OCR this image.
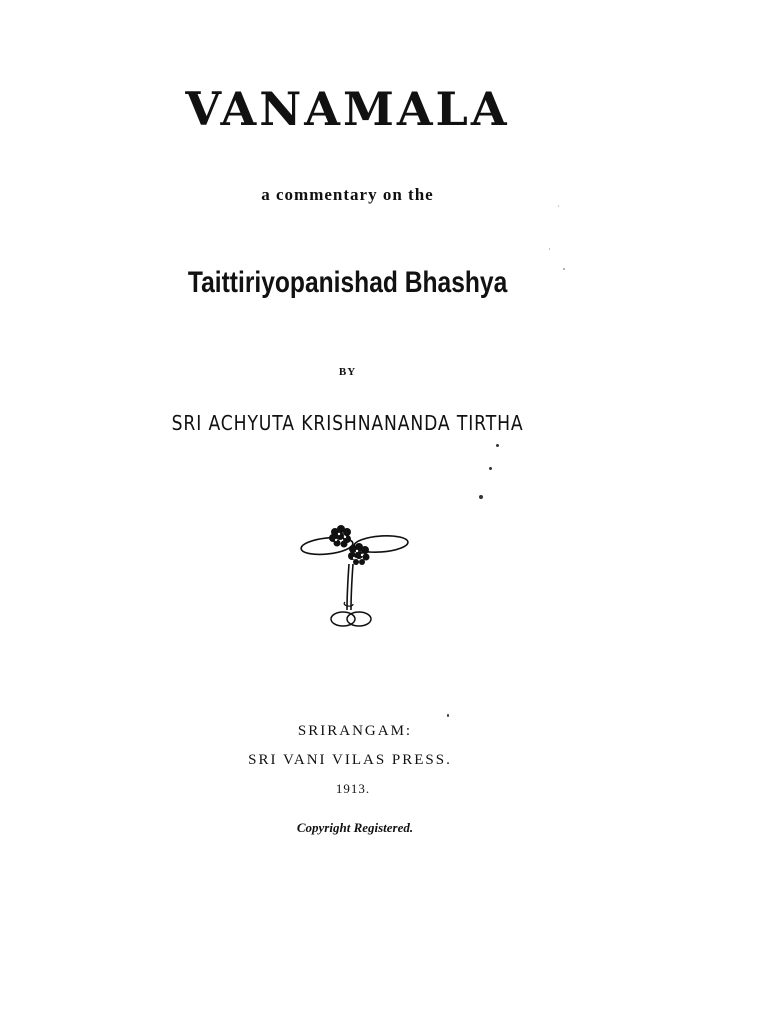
VANAMALA
a commentary on the
Taittiriyopanishad Bhashya
BY
SRI ACHYUTA KRISHNANANDA TIRTHA
SRIRANGAM:
SRI VANI VILAS PRESS.
1913.
Copyright Registered.
